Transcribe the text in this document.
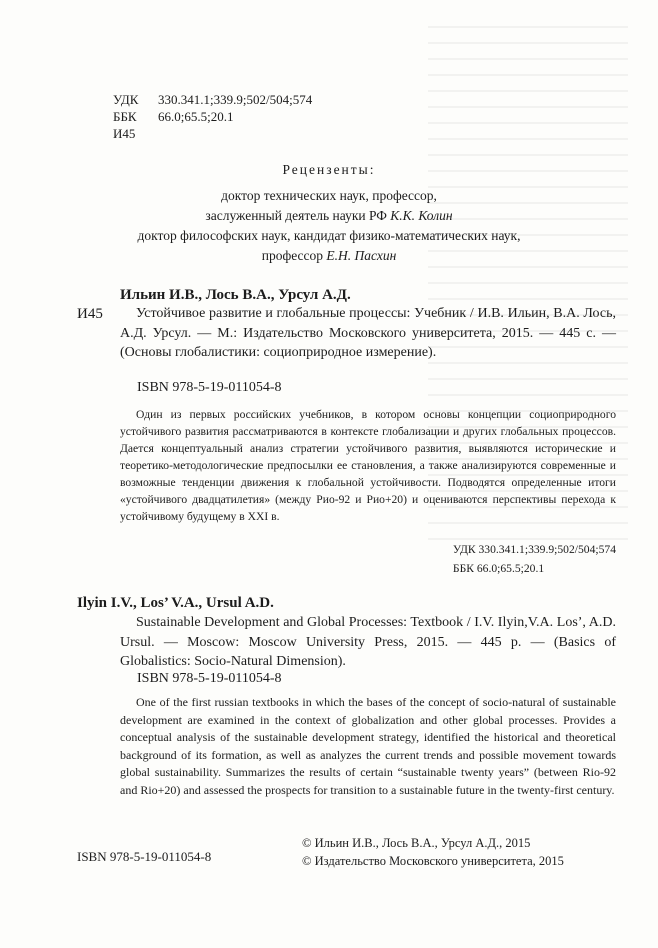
УДК	330.341.1;339.9;502/504;574
ББК	66.0;65.5;20.1
И45
Рецензенты:
доктор технических наук, профессор,
заслуженный деятель науки РФ К.К. Колин
доктор философских наук, кандидат физико-математических наук,
профессор Е.Н. Пасхин
Ильин И.В., Лось В.А., Урсул А.Д.
И45	Устойчивое развитие и глобальные процессы: Учебник / И.В. Ильин, В.А. Лось, А.Д. Урсул. — М.: Издательство Московского университета, 2015. — 445 с. — (Основы глобалистики: социоприродное измерение).
ISBN 978-5-19-011054-8
Один из первых российских учебников, в котором основы концепции социоприродного устойчивого развития рассматриваются в контексте глобализации и других глобальных процессов. Дается концептуальный анализ стратегии устойчивого развития, выявляются исторические и теоретико-методологические предпосылки ее становления, а также анализируются современные и возможные тенденции движения к глобальной устойчивости. Подводятся определенные итоги «устойчивого двадцатилетия» (между Рио-92 и Рио+20) и оцениваются перспективы перехода к устойчивому будущему в XXI в.
УДК 330.341.1;339.9;502/504;574
ББК 66.0;65.5;20.1
Ilyin I.V., Los’ V.A., Ursul A.D.
Sustainable Development and Global Processes: Textbook / I.V. Ilyin,V.A. Los’, A.D. Ursul. — Moscow: Moscow University Press, 2015. — 445 p. — (Basics of Globalistics: Socio-Natural Dimension).
ISBN 978-5-19-011054-8
One of the first russian textbooks in which the bases of the concept of socio-natural of sustainable development are examined in the context of globalization and other global processes. Provides a conceptual analysis of the sustainable development strategy, identified the historical and theoretical background of its formation, as well as analyzes the current trends and possible movement towards global sustainability. Summarizes the results of certain “sustainable twenty years” (between Rio-92 and Rio+20) and assessed the prospects for transition to a sustainable future in the twenty-first century.
ISBN 978-5-19-011054-8
© Ильин И.В., Лось В.А., Урсул А.Д., 2015
© Издательство Московского университета, 2015
